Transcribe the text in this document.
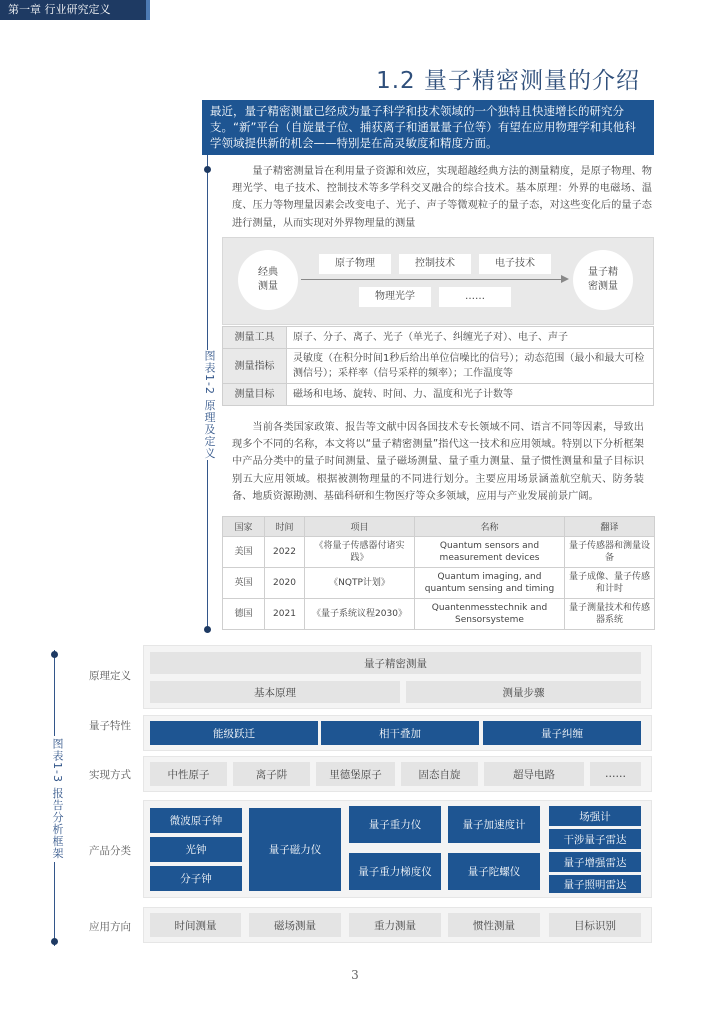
第一章 行业研究定义
1.2 量子精密测量的介绍
最近，量子精密测量已经成为量子科学和技术领域的一个独特且快速增长的研究分支。“新”平台（自旋量子位、捕获离子和通量量子位等）有望在应用物理学和其他科学领域提供新的机会——特别是在高灵敏度和精度方面。
图表1-2 原理及定义
量子精密测量旨在利用量子资源和效应，实现超越经典方法的测量精度，是原子物理、物理光学、电子技术、控制技术等多学科交叉融合的综合技术。基本原理：外界的电磁场、温度、压力等物理量因素会改变电子、光子、声子等微观粒子的量子态，对这些变化后的量子态进行测量，从而实现对外界物理量的测量
经典
测量
量子精
密测量
原子物理	控制技术	电子技术
物理光学	……
测量工具	原子、分子、离子、光子（单光子、纠缠光子对）、电子、声子
测量指标	灵敏度（在积分时间1秒后给出单位信噪比的信号）；动态范围（最小和最大可检测信号）；采样率（信号采样的频率）；工作温度等
测量目标	磁场和电场、旋转、时间、力、温度和光子计数等
当前各类国家政策、报告等文献中因各国技术专长领域不同、语言不同等因素，导致出现多个不同的名称，本文将以“量子精密测量”指代这一技术和应用领域。特别以下分析框架中产品分类中的量子时间测量、量子磁场测量、量子重力测量、量子惯性测量和量子目标识别五大应用领域。根据被测物理量的不同进行划分。主要应用场景涵盖航空航天、防务装备、地质资源勘测、基础科研和生物医疗等众多领域，应用与产业发展前景广阔。
国家	时间	项目	名称	翻译
美国	2022	《将量子传感器付诸实践》	Quantum sensors and measurement devices	量子传感器和测量设备
英国	2020	《NQTP计划》	Quantum imaging, and quantum sensing and timing	量子成像、量子传感和计时
德国	2021	《量子系统议程2030》	Quantenmesstechnik and Sensorsysteme	量子测量技术和传感器系统
图表1-3 报告分析框架
原理定义
量子精密测量
基本原理	测量步骤
量子特性
能级跃迁	相干叠加	量子纠缠
实现方式	中性原子	离子阱	里德堡原子	固态自旋	超导电路	……
产品分类
微波原子钟
光钟
分子钟
量子磁力仪
量子重力仪
量子重力梯度仪
量子加速度计
量子陀螺仪
场强计
干涉量子雷达
量子增强雷达
量子照明雷达
应用方向	时间测量	磁场测量	重力测量	惯性测量	目标识别
3
